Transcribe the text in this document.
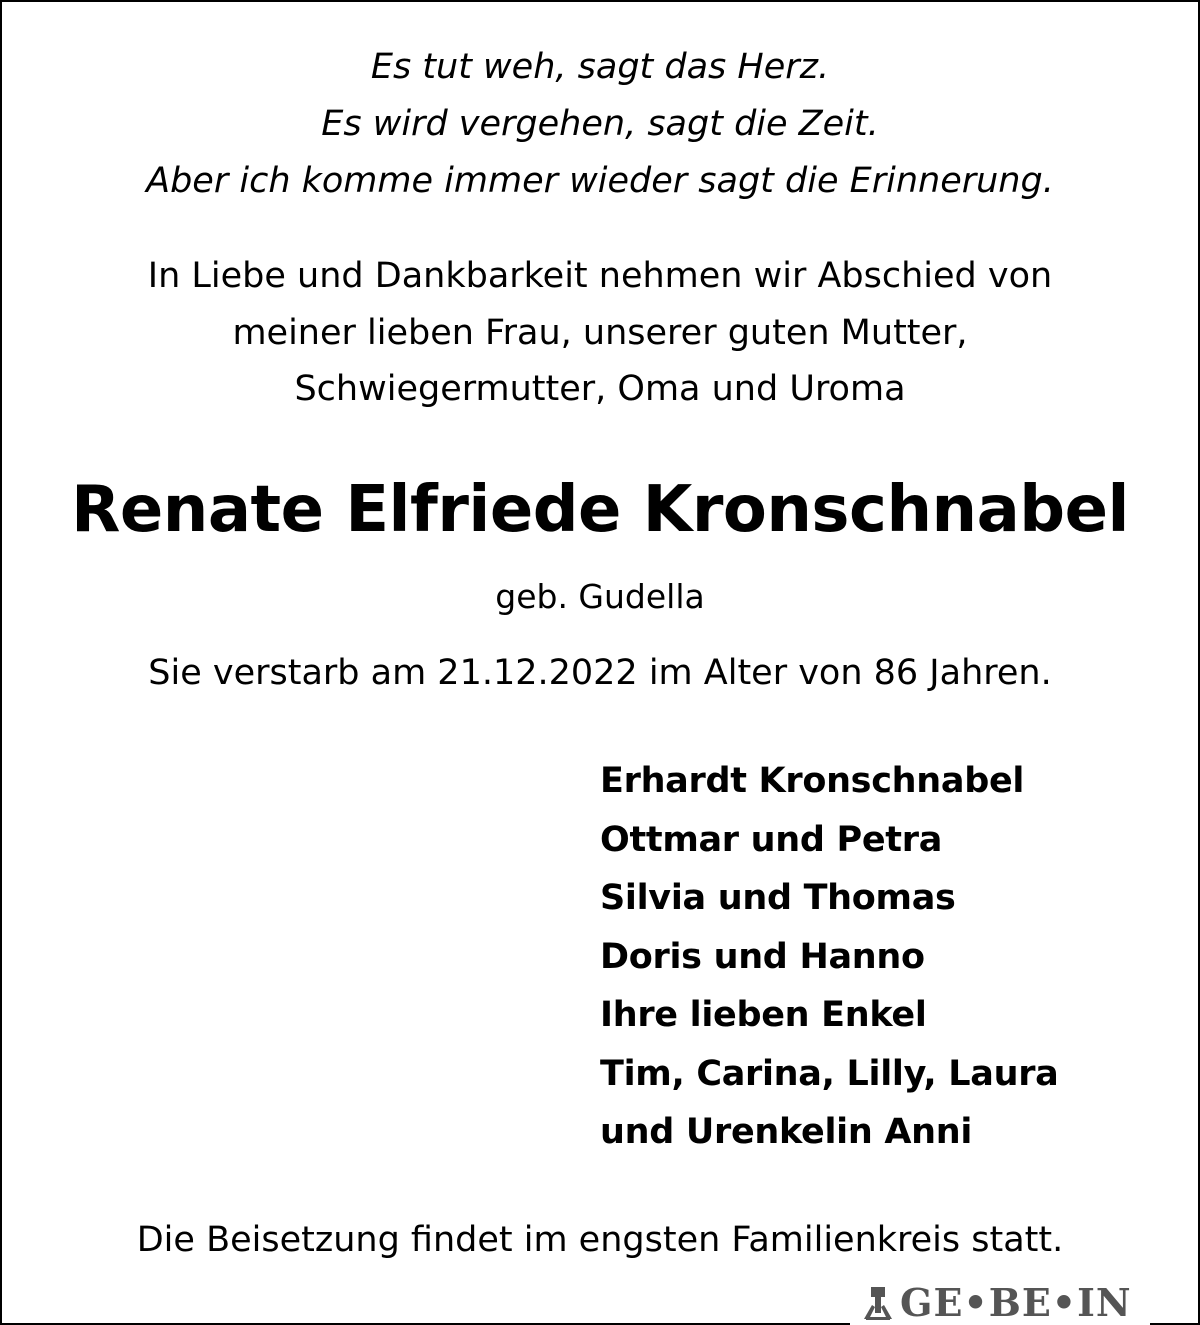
Es tut weh, sagt das Herz.
Es wird vergehen, sagt die Zeit.
Aber ich komme immer wieder sagt die Erinnerung.
In Liebe und Dankbarkeit nehmen wir Abschied von
meiner lieben Frau, unserer guten Mutter,
Schwiegermutter, Oma und Uroma
Renate Elfriede Kronschnabel
geb. Gudella
Sie verstarb am 21.12.2022 im Alter von 86 Jahren.
Erhardt Kronschnabel
Ottmar und Petra
Silvia und Thomas
Doris und Hanno
Ihre lieben Enkel
Tim, Carina, Lilly, Laura
und Urenkelin Anni
Die Beisetzung findet im engsten Familienkreis statt.
GE•BE•IN
